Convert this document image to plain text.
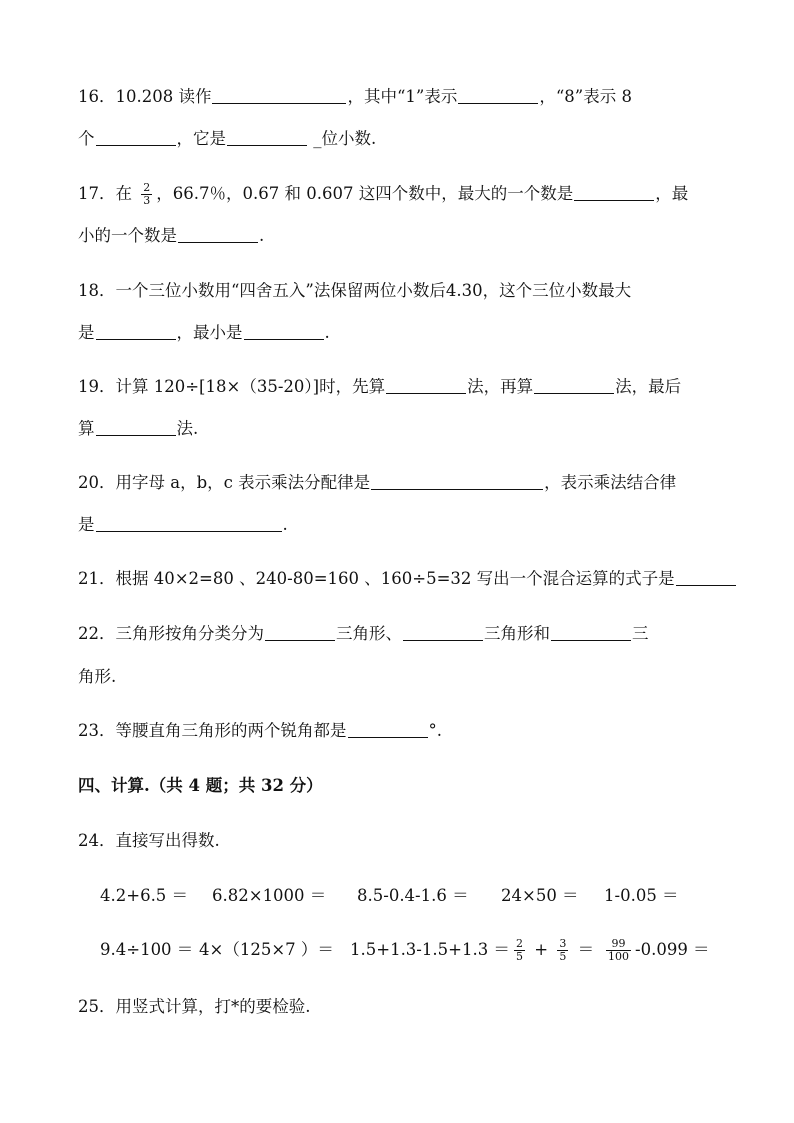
16．10.208 读作	，其中“1”表示	，“8”表示 8
个	，它是	_位小数.
17．在 $\frac{2}{3}$ ，66.7％，0.67 和 0.607 这四个数中，最大的一个数是	，最
小的一个数是	.
18．一个三位小数用“四舍五入”法保留两位小数后4.30，这个三位小数最大
是	，最小是	.
19．计算 120÷[18×（35-20）]时，先算	法，再算	法，最后
算	法.
20．用字母 a，b，c 表示乘法分配律是	，表示乘法结合律
是	.
21．根据 40×2=80 、240-80=160 、160÷5=32 写出一个混合运算的式子是
22．三角形按角分类分为	三角形、	三角形和	三
角形.
23．等腰直角三角形的两个锐角都是	°.
四、计算.（共 4 题；共 32 分）
24．直接写出得数.
4.2+6.5 ＝ 6.82×1000 ＝ 8.5-0.4-1.6 ＝ 24×50 ＝ 1-0.05 ＝
9.4÷100 ＝ 4×（125×7 ）＝ $1.5+1.3-1.5+1.3 = \frac{2}{5} + \frac{3}{5} = \frac{99}{100} -0.099$ ＝
25．用竖式计算，打*的要检验.
